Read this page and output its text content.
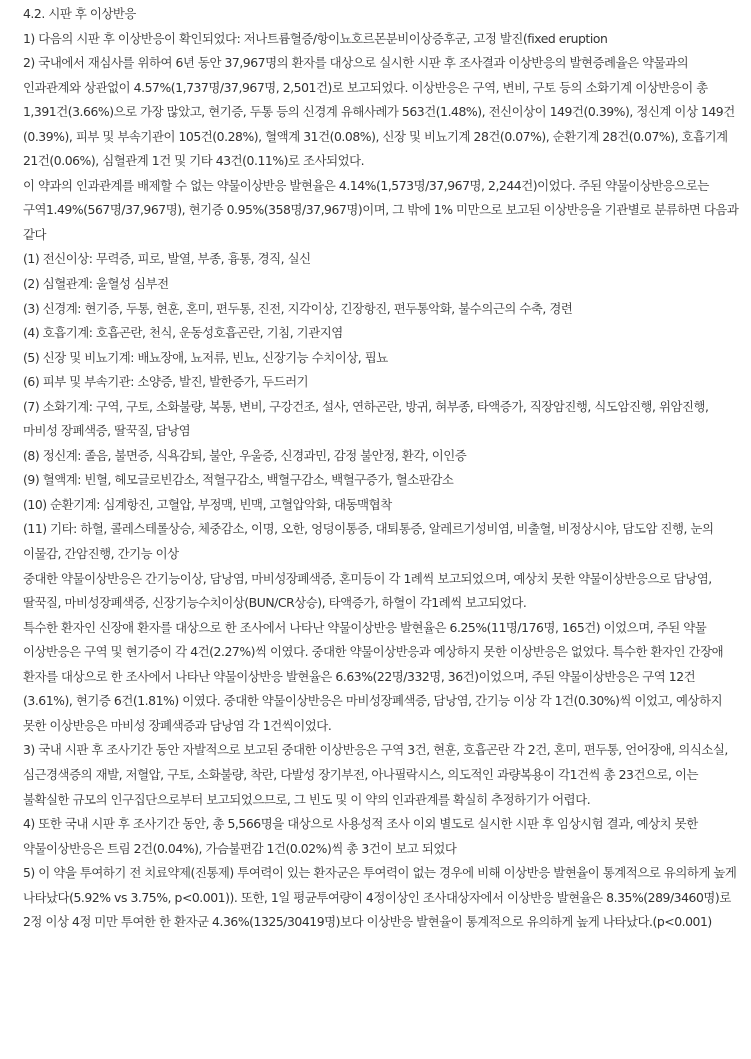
4.2. 시판 후 이상반응

1) 다음의 시판 후 이상반응이 확인되었다: 저나트륨혈증/항이뇨호르몬분비이상증후군, 고정 발진(fixed eruption

2) 국내에서 재심사를 위하여 6년 동안 37,967명의 환자를 대상으로 실시한 시판 후 조사결과 이상반응의 발현증례율은 약물과의 인과관계와 상관없이 4.57%(1,737명/37,967명, 2,501건)로 보고되었다. 이상반응은 구역, 변비, 구토 등의 소화기계 이상반응이 총 1,391건(3.66%)으로 가장 많았고, 현기증, 두통 등의 신경계 유해사례가 563건(1.48%), 전신이상이 149건(0.39%), 정신계 이상 149건(0.39%), 피부 및 부속기관이 105건(0.28%), 혈액계 31건(0.08%), 신장 및 비뇨기계 28건(0.07%), 순환기계 28건(0.07%), 호흡기계 21건(0.06%), 심혈관계 1건 및 기타 43건(0.11%)로 조사되었다.

이 약과의 인과관계를 배제할 수 없는 약물이상반응 발현율은 4.14%(1,573명/37,967명, 2,244건)이었다. 주된 약물이상반응으로는 구역1.49%(567명/37,967명), 현기증 0.95%(358명/37,967명)이며, 그 밖에 1% 미만으로 보고된 이상반응을 기관별로 분류하면 다음과 같다

(1) 전신이상: 무력증, 피로, 발열, 부종, 흉통, 경직, 실신

(2) 심혈관계: 울혈성 심부전

(3) 신경계: 현기증, 두통, 현훈, 혼미, 편두통, 진전, 지각이상, 긴장항진, 편두통악화, 불수의근의 수축, 경련

(4) 호흡기계: 호흡곤란, 천식, 운동성호흡곤란, 기침, 기관지염

(5) 신장 및 비뇨기계: 배뇨장애, 뇨저류, 빈뇨, 신장기능 수치이상, 핍뇨

(6) 피부 및 부속기관: 소양증, 발진, 발한증가, 두드러기

(7) 소화기계: 구역, 구토, 소화불량, 복통, 변비, 구강건조, 설사, 연하곤란, 방귀, 혀부종, 타액증가, 직장암진행, 식도암진행, 위암진행, 마비성 장폐색증, 딸꾹질, 담낭염

(8) 정신계: 졸음, 불면증, 식욕감퇴, 불안, 우울증, 신경과민, 감정 불안정, 환각, 이인증

(9) 혈액계: 빈혈, 헤모글로빈감소, 적혈구감소, 백혈구감소, 백혈구증가, 혈소판감소

(10) 순환기계: 심계항진, 고혈압, 부정맥, 빈맥, 고혈압악화, 대동맥협착

(11) 기타: 하혈, 콜레스테롤상승, 체중감소, 이명, 오한, 엉덩이통증, 대퇴통증, 알레르기성비염, 비출혈, 비정상시야, 담도암 진행, 눈의 이물감, 간암진행, 간기능 이상

중대한 약물이상반응은 간기능이상, 담낭염, 마비성장폐색증, 혼미등이 각 1례씩 보고되었으며, 예상치 못한 약물이상반응으로 담낭염, 딸꾹질, 마비성장폐색증, 신장기능수치이상(BUN/CR상승), 타액증가, 하혈이 각1례씩 보고되었다.

특수한 환자인 신장애 환자를 대상으로 한 조사에서 나타난 약물이상반응 발현율은 6.25%(11명/176명, 165건) 이었으며, 주된 약물 이상반응은 구역 및 현기증이 각 4건(2.27%)씩 이였다. 중대한 약물이상반응과 예상하지 못한 이상반응은 없었다. 특수한 환자인 간장애 환자를 대상으로 한 조사에서 나타난 약물이상반응 발현율은 6.63%(22명/332명, 36건)이었으며, 주된 약물이상반응은 구역 12건(3.61%), 현기증 6건(1.81%) 이였다. 중대한 약물이상반응은 마비성장폐색증, 담낭염, 간기능 이상 각 1건(0.30%)씩 이었고, 예상하지 못한 이상반응은 마비성 장폐색증과 담낭염 각 1건씩이었다.

3) 국내 시판 후 조사기간 동안 자발적으로 보고된 중대한 이상반응은 구역 3건, 현훈, 호흡곤란 각 2건, 혼미, 편두통, 언어장애, 의식소실, 심근경색증의 재발, 저혈압, 구토, 소화불량, 착란, 다발성 장기부전, 아나필락시스, 의도적인 과량복용이 각1건씩 총 23건으로, 이는 불확실한 규모의 인구집단으로부터 보고되었으므로, 그 빈도 및 이 약의 인과관계를 확실히 추정하기가 어렵다.

4) 또한 국내 시판 후 조사기간 동안, 총 5,566명을 대상으로 사용성적 조사 이외 별도로 실시한 시판 후 임상시험 결과, 예상치 못한 약물이상반응은 트림 2건(0.04%), 가슴불편감 1건(0.02%)씩 총 3건이 보고 되었다

5) 이 약을 투여하기 전 치료약제(진통제) 투여력이 있는 환자군은 투여력이 없는 경우에 비해 이상반응 발현율이 통계적으로 유의하게 높게 나타났다(5.92% vs 3.75%, p<0.001)). 또한, 1일 평균투여량이 4정이상인 조사대상자에서 이상반응 발현율은 8.35%(289/3460명)로 2정 이상 4정 미만 투여한 한 환자군 4.36%(1325/30419명)보다 이상반응 발현율이 통계적으로 유의하게 높게 나타났다.(p<0.001)
